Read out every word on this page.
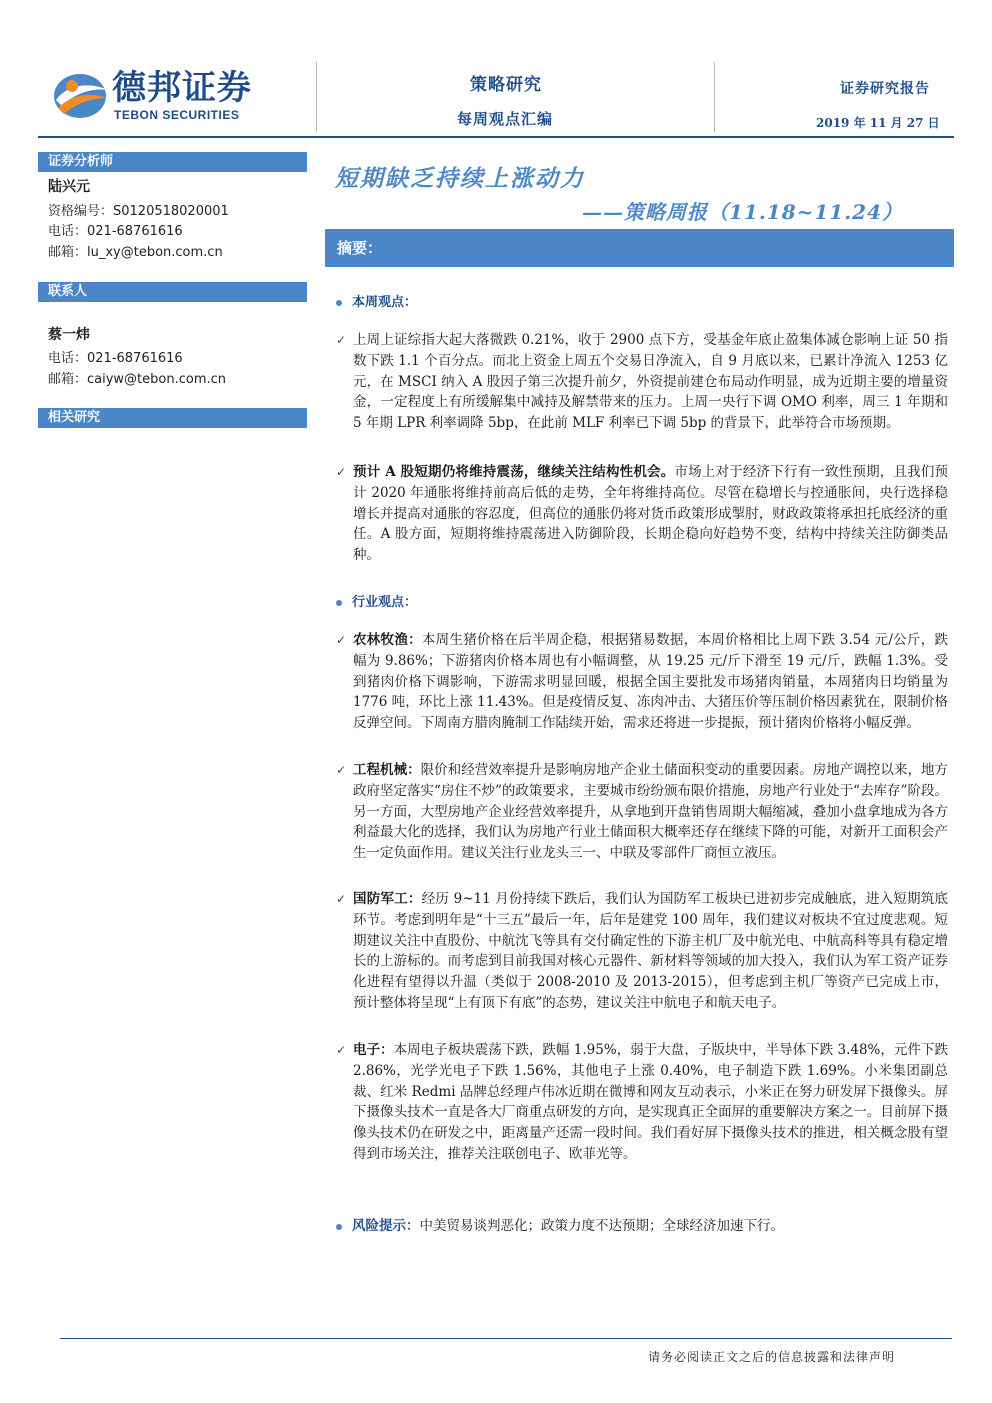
德邦证券
TEBON SECURITIES
策略研究
每周观点汇编
证券研究报告
2019 年 11 月 27 日
证券分析师
陆兴元
资格编号：S0120518020001
电话：021-68761616
邮箱：lu_xy@tebon.com.cn
联系人
蔡一炜
电话：021-68761616
邮箱：caiyw@tebon.com.cn
相关研究
短期缺乏持续上涨动力
——策略周报（11.18~11.24）
摘要：
本周观点：
✓ 上周上证综指大起大落微跌 0.21%，收于 2900 点下方，受基金年底止盈集体减仓影响上证 50 指数下跌 1.1 个百分点。而北上资金上周五个交易日净流入，自 9 月底以来，已累计净流入 1253 亿元，在 MSCI 纳入 A 股因子第三次提升前夕，外资提前建仓布局动作明显，成为近期主要的增量资金，一定程度上有所缓解集中减持及解禁带来的压力。上周一央行下调 OMO 利率，周三 1 年期和 5 年期 LPR 利率调降 5bp，在此前 MLF 利率已下调 5bp 的背景下，此举符合市场预期。
✓ 预计 A 股短期仍将维持震荡，继续关注结构性机会。市场上对于经济下行有一致性预期，且我们预计 2020 年通胀将维持前高后低的走势，全年将维持高位。尽管在稳增长与控通胀间，央行选择稳增长并提高对通胀的容忍度，但高位的通胀仍将对货币政策形成掣肘，财政政策将承担托底经济的重任。A 股方面，短期将维持震荡进入防御阶段，长期企稳向好趋势不变，结构中持续关注防御类品种。
行业观点：
✓ 农林牧渔：本周生猪价格在后半周企稳，根据猪易数据，本周价格相比上周下跌 3.54 元/公斤，跌幅为 9.86%；下游猪肉价格本周也有小幅调整，从 19.25 元/斤下滑至 19 元/斤，跌幅 1.3%。受到猪肉价格下调影响，下游需求明显回暖，根据全国主要批发市场猪肉销量，本周猪肉日均销量为 1776 吨，环比上涨 11.43%。但是疫情反复、冻肉冲击、大猪压价等压制价格因素犹在，限制价格反弹空间。下周南方腊肉腌制工作陆续开始，需求还将进一步提振，预计猪肉价格将小幅反弹。
✓ 工程机械：限价和经营效率提升是影响房地产企业土储面积变动的重要因素。房地产调控以来，地方政府坚定落实“房住不炒”的政策要求，主要城市纷纷颁布限价措施，房地产行业处于“去库存”阶段。另一方面，大型房地产企业经营效率提升，从拿地到开盘销售周期大幅缩减，叠加小盘拿地成为各方利益最大化的选择，我们认为房地产行业土储面积大概率还存在继续下降的可能，对新开工面积会产生一定负面作用。建议关注行业龙头三一、中联及零部件厂商恒立液压。
✓ 国防军工：经历 9~11 月份持续下跌后，我们认为国防军工板块已进初步完成触底，进入短期筑底环节。考虑到明年是“十三五”最后一年，后年是建党 100 周年，我们建议对板块不宜过度悲观。短期建议关注中直股份、中航沈飞等具有交付确定性的下游主机厂及中航光电、中航高科等具有稳定增长的上游标的。而考虑到目前我国对核心元器件、新材料等领域的加大投入，我们认为军工资产证券化进程有望得以升温（类似于 2008-2010 及 2013-2015），但考虑到主机厂等资产已完成上市，预计整体将呈现“上有顶下有底”的态势，建议关注中航电子和航天电子。
✓ 电子：本周电子板块震荡下跌，跌幅 1.95%，弱于大盘，子版块中，半导体下跌 3.48%，元件下跌 2.86%，光学光电子下跌 1.56%，其他电子上涨 0.40%，电子制造下跌 1.69%。小米集团副总裁、红米 Redmi 品牌总经理卢伟冰近期在微博和网友互动表示，小米正在努力研发屏下摄像头。屏下摄像头技术一直是各大厂商重点研发的方向，是实现真正全面屏的重要解决方案之一。目前屏下摄像头技术仍在研发之中，距离量产还需一段时间。我们看好屏下摄像头技术的推进，相关概念股有望得到市场关注，推荐关注联创电子、欧菲光等。
风险提示：中美贸易谈判恶化；政策力度不达预期；全球经济加速下行。
请务必阅读正文之后的信息披露和法律声明
